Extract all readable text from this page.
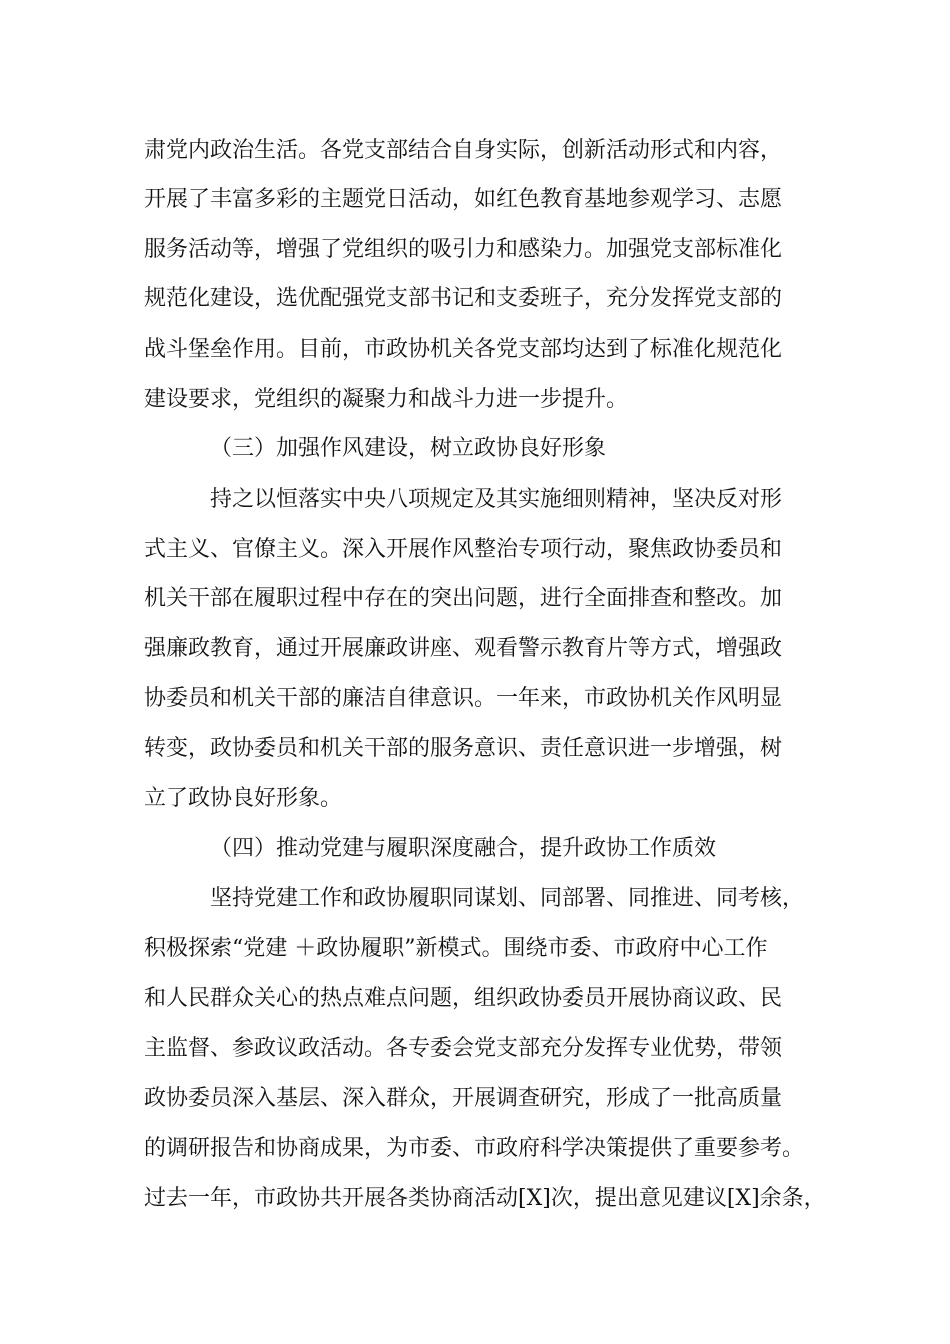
肃党内政治生活。各党支部结合自身实际，创新活动形式和内容，
开展了丰富多彩的主题党日活动，如红色教育基地参观学习、志愿
服务活动等，增强了党组织的吸引力和感染力。加强党支部标准化
规范化建设，选优配强党支部书记和支委班子，充分发挥党支部的
战斗堡垒作用。目前，市政协机关各党支部均达到了标准化规范化
建设要求，党组织的凝聚力和战斗力进一步提升。
（三）加强作风建设，树立政协良好形象
持之以恒落实中央八项规定及其实施细则精神，坚决反对形
式主义、官僚主义。深入开展作风整治专项行动，聚焦政协委员和
机关干部在履职过程中存在的突出问题，进行全面排查和整改。加
强廉政教育，通过开展廉政讲座、观看警示教育片等方式，增强政
协委员和机关干部的廉洁自律意识。一年来，市政协机关作风明显
转变，政协委员和机关干部的服务意识、责任意识进一步增强，树
立了政协良好形象。
（四）推动党建与履职深度融合，提升政协工作质效
坚持党建工作和政协履职同谋划、同部署、同推进、同考核，
积极探索“党建 ＋政协履职”新模式。围绕市委、市政府中心工作
和人民群众关心的热点难点问题，组织政协委员开展协商议政、民
主监督、参政议政活动。各专委会党支部充分发挥专业优势，带领
政协委员深入基层、深入群众，开展调查研究，形成了一批高质量
的调研报告和协商成果，为市委、市政府科学决策提供了重要参考。
过去一年，市政协共开展各类协商活动[X]次，提出意见建议[X]余条，
